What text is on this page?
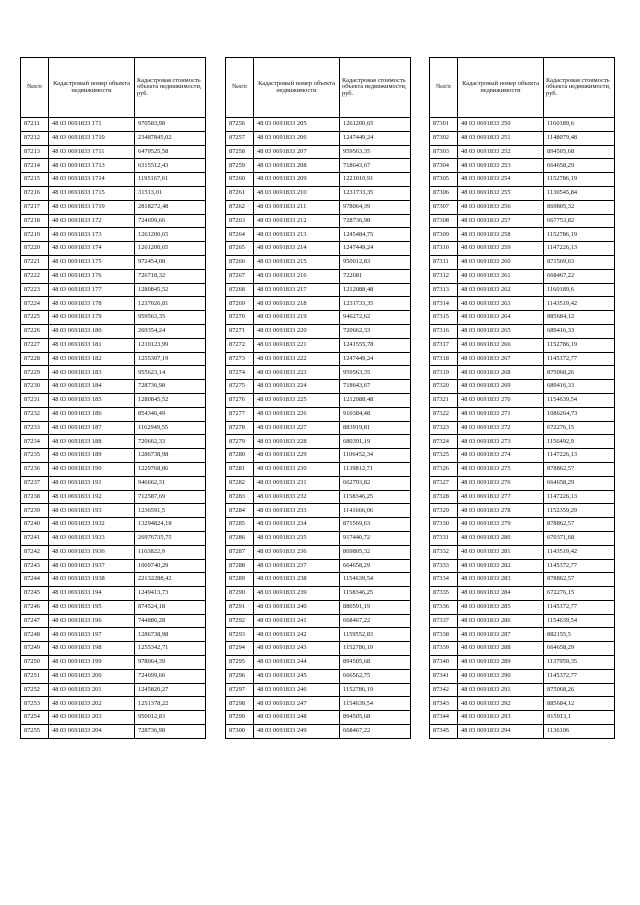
№п/п	Кадастровый номер объекта недвижимости	Кадастровая стоимость объекта недвижимости, руб.
87211	48 03 0691833 171	970583,98
87212	48 03 0691833 1710	23487845,02
87213	48 03 0691833 1711	6479525,58
87214	48 03 0691833 1713	6315512,43
87215	48 03 0691833 1714	1195167,61
87216	48 03 0691833 1715	31513,01
87217	48 03 0691833 1719	2818272,48
87218	48 03 0691833 172	724699,66
87219	48 03 0691833 173	1261200,65
87220	48 03 0691833 174	1261200,65
87221	48 03 0691833 175	972454,08
87222	48 03 0691833 176	726718,32
87223	48 03 0691833 177	1280845,52
87224	48 03 0691833 178	1237026,81
87225	48 03 0691833 179	959563,35
87226	48 03 0691833 180	269354,24
87227	48 03 0691833 181	1210123,99
87228	48 03 0691833 182	1255307,19
87229	48 03 0691833 183	955623,14
87230	48 03 0691833 184	728736,98
87231	48 03 0691833 185	1280845,52
87232	48 03 0691833 186	854346,49
87233	48 03 0691833 187	1162949,55
87234	48 03 0691833 188	720662,33
87235	48 03 0691833 189	1286738,98
87236	48 03 0691833 190	1229768,86
87237	48 03 0691833 191	946662,31
87238	48 03 0691833 192	712587,69
87239	48 03 0691833 193	1236591,5
87240	48 03 0691833 1932	13294824,18
87241	48 03 0691833 1933	26976735,75
87242	48 03 0691833 1936	1163822,9
87243	48 03 0691833 1937	1069740,29
87244	48 03 0691833 1938	22132288,42
87245	48 03 0691833 194	1249413,73
87246	48 03 0691833 195	874524,18
87247	48 03 0691833 196	744886,28
87248	48 03 0691833 197	1286738,98
87249	48 03 0691833 198	1255342,71
87250	48 03 0691833 199	978064,39
87251	48 03 0691833 200	724699,66
87252	48 03 0691833 201	1245820,27
87253	48 03 0691833 202	1251378,22
87254	48 03 0691833 203	950012,83
87255	48 03 0691833 204	728736,98
№п/п	Кадастровый номер объекта недвижимости	Кадастровая стоимость объекта недвижимости, руб.
87256	48 03 0691833 205	1261200,65
87257	48 03 0691833 206	1247449,24
87258	48 03 0691833 207	959563,35
87259	48 03 0691833 208	718643,67
87260	48 03 0691833 209	1221010,91
87261	48 03 0691833 210	1231733,35
87262	48 03 0691833 211	978064,39
87263	48 03 0691833 212	728736,98
87264	48 03 0691833 213	1245484,75
87265	48 03 0691833 214	1247449,24
87266	48 03 0691833 215	950012,83
87267	48 03 0691833 216	722681
87268	48 03 0691833 217	1212088,48
87269	48 03 0691833 218	1231733,35
87270	48 03 0691833 219	946272,62
87271	48 03 0691833 220	720662,33
87272	48 03 0691833 221	1241555,78
87273	48 03 0691833 222	1247449,24
87274	48 03 0691833 223	959563,35
87275	48 03 0691833 224	718643,67
87276	48 03 0691833 225	1212088,48
87277	48 03 0691833 226	910384,48
87278	48 03 0691833 227	883919,81
87279	48 03 0691833 228	680391,19
87280	48 03 0691833 229	1106452,34
87281	48 03 0691833 230	1139812,71
87282	48 03 0691833 231	662793,82
87283	48 03 0691833 232	1158346,25
87284	48 03 0691833 233	1141666,06
87285	48 03 0691833 234	871569,63
87286	48 03 0691833 235	917440,72
87287	48 03 0691833 236	869805,32
87288	48 03 0691833 237	664658,29
87289	48 03 0691833 238	1154639,54
87290	48 03 0691833 239	1158346,25
87291	48 03 0691833 240	880591,19
87292	48 03 0691833 241	668467,22
87293	48 03 0691833 242	1159552,83
87294	48 03 0691833 243	1152786,19
87295	48 03 0691833 244	894505,68
87296	48 03 0691833 245	666562,75
87297	48 03 0691833 246	1152786,19
87298	48 03 0691833 247	1154639,54
87299	48 03 0691833 248	894505,68
87300	48 03 0691833 249	668467,22
№п/п	Кадастровый номер объекта недвижимости	Кадастровая стоимость объекта недвижимости, руб.
87301	48 03 0691833 250	1160189,6
87302	48 03 0691833 251	1148079,48
87303	48 03 0691833 252	894505,68
87304	48 03 0691833 253	664658,29
87305	48 03 0691833 254	1152786,19
87306	48 03 0691833 255	1130545,84
87307	48 03 0691833 256	869805,32
87308	48 03 0691833 257	667753,82
87309	48 03 0691833 258	1152786,19
87310	48 03 0691833 259	1147226,13
87311	48 03 0691833 260	871569,63
87312	48 03 0691833 261	668467,22
87313	48 03 0691833 262	1160189,6
87314	48 03 0691833 263	1143519,42
87315	48 03 0691833 264	885684,12
87316	48 03 0691833 265	689416,33
87317	48 03 0691833 266	1152786,19
87318	48 03 0691833 267	1145372,77
87319	48 03 0691833 268	875068,26
87320	48 03 0691833 269	689416,33
87321	48 03 0691833 270	1154639,54
87322	48 03 0691833 271	1086264,73
87323	48 03 0691833 272	672276,15
87324	48 03 0691833 273	1156492,9
87325	48 03 0691833 274	1147226,13
87326	48 03 0691833 275	878862,57
87327	48 03 0691833 276	664658,29
87328	48 03 0691833 277	1147226,13
87329	48 03 0691833 278	1152359,29
87330	48 03 0691833 279	878862,57
87331	48 03 0691833 280	670371,68
87332	48 03 0691833 281	1143519,42
87333	48 03 0691833 282	1145372,77
87334	48 03 0691833 283	878862,57
87335	48 03 0691833 284	672276,15
87336	48 03 0691833 285	1145372,77
87337	48 03 0691833 286	1154639,54
87338	48 03 0691833 287	882155,5
87339	48 03 0691833 288	664658,29
87340	48 03 0691833 289	1137959,35
87341	48 03 0691833 290	1145372,77
87342	48 03 0691833 291	875068,26
87343	48 03 0691833 292	885684,12
87344	48 03 0691833 293	915913,1
87345	48 03 0691833 294	1136106
